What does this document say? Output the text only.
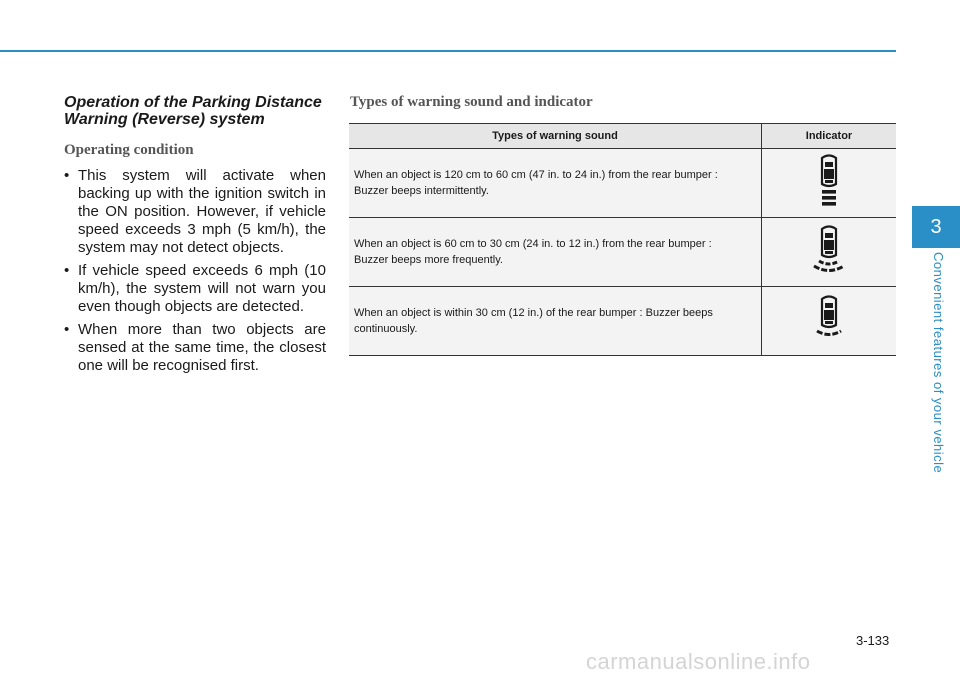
Operation of the Parking Distance Warning (Reverse) system
Operating condition
• This system will activate when backing up with the ignition switch in the ON position. However, if vehicle speed exceeds 3 mph (5 km/h), the system may not detect objects.
• If vehicle speed exceeds 6 mph (10 km/h), the system will not warn you even though objects are detected.
• When more than two objects are sensed at the same time, the closest one will be recognised first.
Types of warning sound and indicator
Types of warning sound	Indicator

When an object is 120 cm to 60 cm (47 in. to 24 in.) from the rear bumper : Buzzer beeps intermittently.

When an object is 60 cm to 30 cm (24 in. to 12 in.) from the rear bumper : Buzzer beeps more frequently.

When an object is within 30 cm (12 in.) of the rear bumper : Buzzer beeps continuously.

3
Convenient features of your vehicle
3-133
carmanualsonline.info
